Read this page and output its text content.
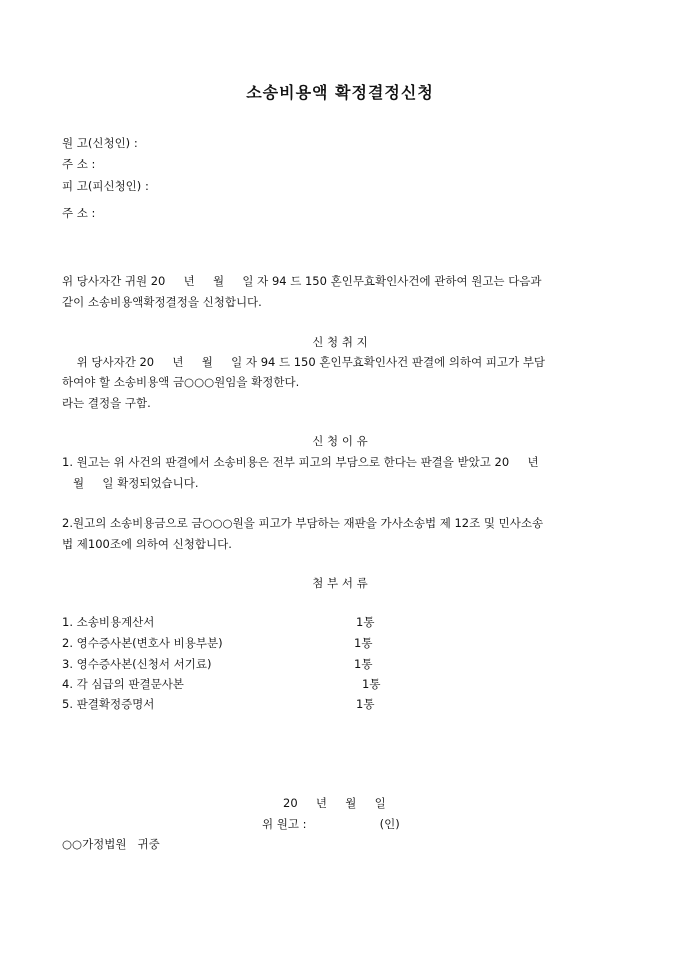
소송비용액 확정결정신청
원 고(신청인) :
주 소 :
피 고(피신청인) :
주 소 :
위 당사자간 귀원 20     년     월     일 자 94 드 150 혼인무효확인사건에 관하여 원고는 다음과
같이 소송비용액확정결정을 신청합니다.
신 청 취 지
위 당사자간 20     년     월     일 자 94 드 150 혼인무효확인사건 판결에 의하여 피고가 부담
하여야 할 소송비용액 금○○○원임을 확정한다.
라는 결정을 구함.
신 청 이 유
1. 원고는 위 사건의 판결에서 소송비용은 전부 피고의 부담으로 한다는 판결을 받았고 20     년
월     일 확정되었습니다.
2.원고의 소송비용금으로 금○○○원을 피고가 부담하는 재판을 가사소송법 제 12조 및 민사소송
법 제100조에 의하여 신청합니다.
첨 부 서 류
1. 소송비용계산서	1통
2. 영수증사본(변호사 비용부분)	1통
3. 영수증사본(신청서 서기료)	1통
4. 각 심급의 판결문사본	1통
5. 판결확정증명서	1통
20     년     월     일
위 원고 :                    (인)
○○가정법원   귀중
